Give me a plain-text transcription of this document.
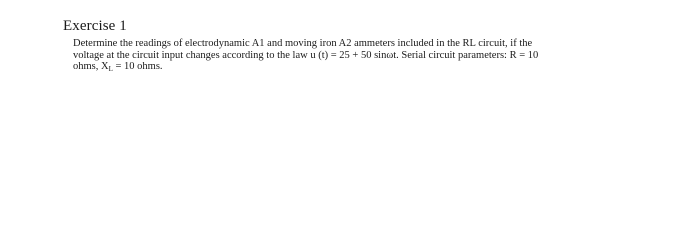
Exercise 1
Determine the readings of electrodynamic A1 and moving iron A2 ammeters included in the RL circuit, if the
voltage at the circuit input changes according to the law u (t) = 25 + 50 sinωt. Serial circuit parameters: R = 10
ohms, $X_L = 10$ ohms.
